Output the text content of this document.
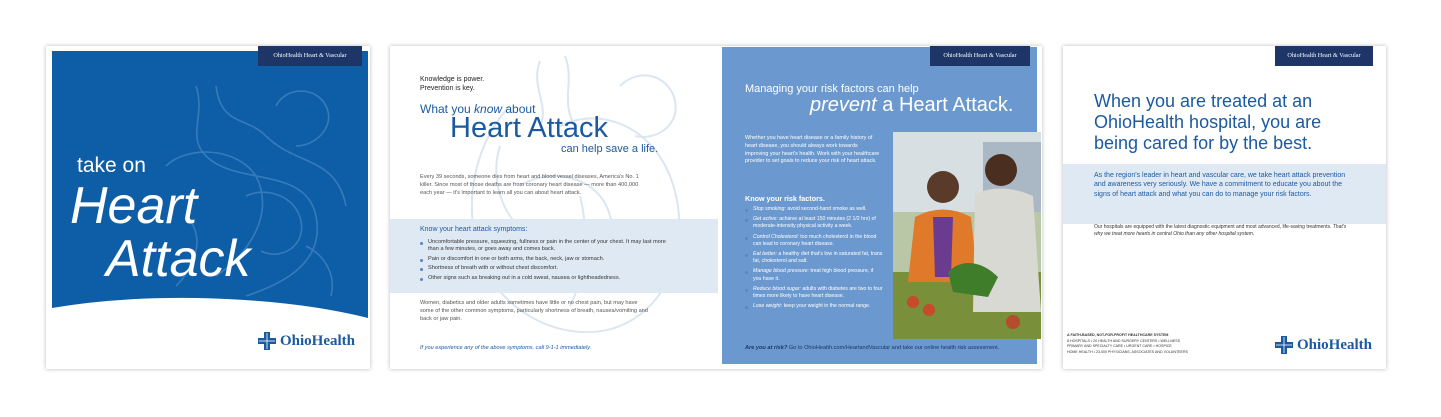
OhioHealth Heart & Vascular
take on
Heart
Attack
OhioHealth
Knowledge is power.
Prevention is key.
What you know about
Heart Attack
can help save a life.
Every 39 seconds, someone dies from heart and blood vessel diseases, America's No. 1 killer. Since most of those deaths are from coronary heart disease — more than 400,000 each year — it's important to learn all you can about heart attack.
Know your heart attack symptoms:
Uncomfortable pressure, squeezing, fullness or pain in the center of your chest. It may last more than a few minutes, or goes away and comes back.
Pain or discomfort in one or both arms, the back, neck, jaw or stomach.
Shortness of breath with or without chest discomfort.
Other signs such as breaking out in a cold sweat, nausea or lightheadedness.
Women, diabetics and older adults sometimes have little or no chest pain, but may have some of the other common symptoms, particularly shortness of breath, nausea/vomiting and back or jaw pain.
If you experience any of the above symptoms, call 9-1-1 immediately.
OhioHealth Heart & Vascular
Managing your risk factors can help
prevent a Heart Attack.
Whether you have heart disease or a family history of heart disease, you should always work towards improving your heart's health. Work with your healthcare provider to set goals to reduce your risk of heart attack.
Know your risk factors.
Stop smoking: avoid second-hand smoke as well.
Get active: achieve at least 150 minutes (2 1/2 hrs) of moderate-intensity physical activity a week.
Control Cholesterol: too much cholesterol in the blood can lead to coronary heart disease.
Eat better: a healthy diet that's low in saturated fat, trans fat, cholesterol and salt.
Manage blood pressure: treat high blood pressure, if you have it.
Reduce blood sugar: adults with diabetes are two to four times more likely to have heart disease.
Lose weight: keep your weight in the normal range.
Are you at risk? Go to OhioHealth.com/HeartandVascular and take our online health risk assessment.
OhioHealth Heart & Vascular
When you are treated at an OhioHealth hospital, you are being cared for by the best.
As the region's leader in heart and vascular care, we take heart attack prevention and awareness very seriously. We have a commitment to educate you about the signs of heart attack and what you can do to manage your risk factors.
Our hospitals are equipped with the latest diagnostic equipment and most advanced, life-saving treatments. That's why we treat more hearts in central Ohio than any other hospital system.
A FAITH-BASED, NOT-FOR-PROFIT HEALTHCARE SYSTEM
8 HOSPITALS • 20 HEALTH AND SURGERY CENTERS • WELLNESS
PRIMARY AND SPECIALTY CARE • URGENT CARE • HOSPICE
HOME HEALTH • 23,000 PHYSICIANS, ASSOCIATES AND VOLUNTEERS	OhioHealth
